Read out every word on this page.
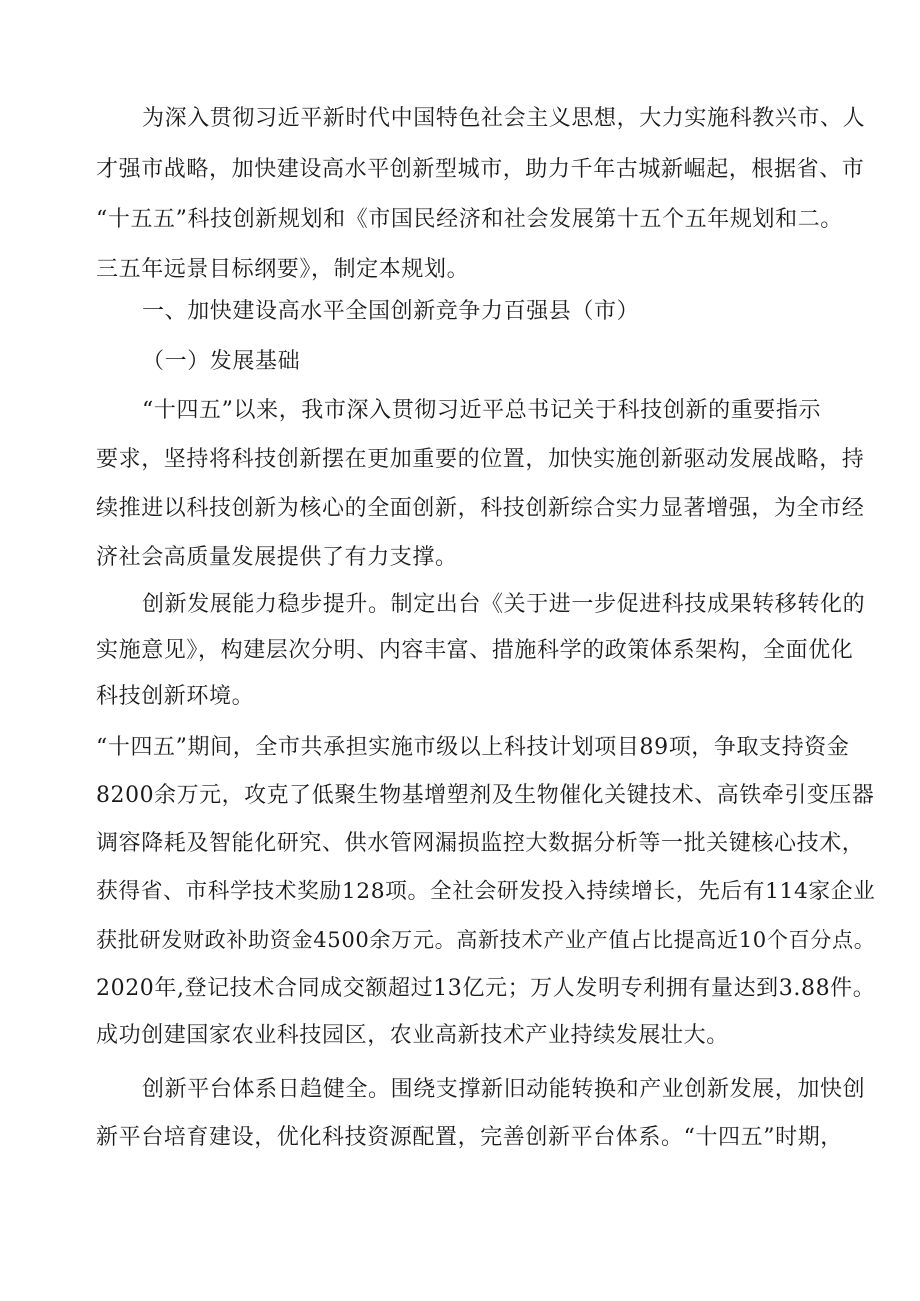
为深入贯彻习近平新时代中国特色社会主义思想，大力实施科教兴市、人
才强市战略，加快建设高水平创新型城市，助力千年古城新崛起，根据省、市
“十五五”科技创新规划和《市国民经济和社会发展第十五个五年规划和二。
三五年远景目标纲要》，制定本规划。
一、加快建设高水平全国创新竞争力百强县（市）
（一）发展基础
“十四五”以来，我市深入贯彻习近平总书记关于科技创新的重要指示
要求，坚持将科技创新摆在更加重要的位置，加快实施创新驱动发展战略，持
续推进以科技创新为核心的全面创新，科技创新综合实力显著增强，为全市经
济社会高质量发展提供了有力支撑。
创新发展能力稳步提升。制定出台《关于进一步促进科技成果转移转化的
实施意见》，构建层次分明、内容丰富、措施科学的政策体系架构，全面优化
科技创新环境。
“十四五”期间，全市共承担实施市级以上科技计划项目89项，争取支持资金
8200余万元，攻克了低聚生物基增塑剂及生物催化关键技术、高铁牵引变压器
调容降耗及智能化研究、供水管网漏损监控大数据分析等一批关键核心技术，
获得省、市科学技术奖励128项。全社会研发投入持续增长，先后有114家企业
获批研发财政补助资金4500余万元。高新技术产业产值占比提高近10个百分点。
2020年,登记技术合同成交额超过13亿元；万人发明专利拥有量达到3.88件。
成功创建国家农业科技园区，农业高新技术产业持续发展壮大。
创新平台体系日趋健全。围绕支撑新旧动能转换和产业创新发展，加快创
新平台培育建设，优化科技资源配置，完善创新平台体系。“十四五”时期，
